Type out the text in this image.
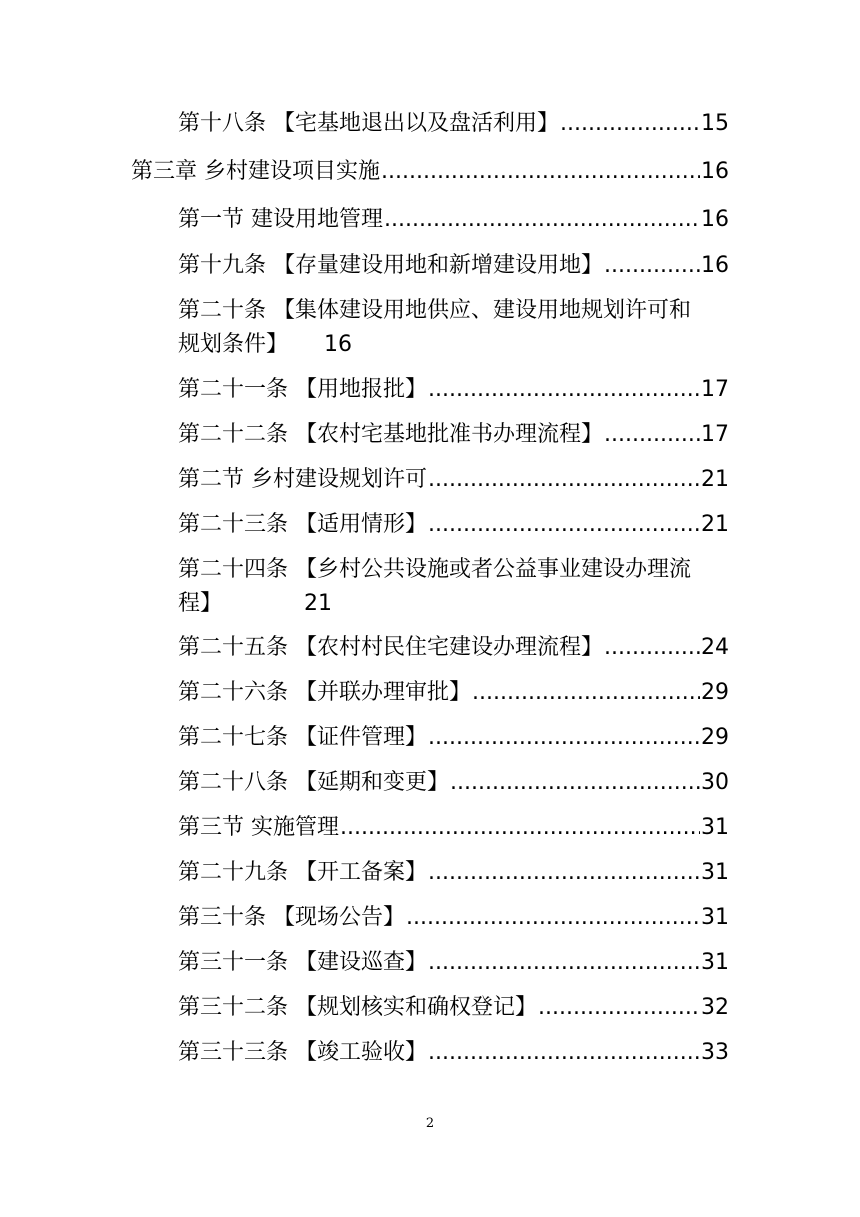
第十八条 【宅基地退出以及盘活利用】 .....	15
第三章 乡村建设项目实施 .....	16
第一节 建设用地管理 .....	16
第十九条 【存量建设用地和新增建设用地】 .....	16
第二十条 【集体建设用地供应、建设用地规划许可和
规划条件】 16
第二十一条 【用地报批】 .....	17
第二十二条 【农村宅基地批准书办理流程】 .....	17
第二节 乡村建设规划许可 .....	21
第二十三条 【适用情形】 .....	21
第二十四条 【乡村公共设施或者公益事业建设办理流
程】	21
第二十五条 【农村村民住宅建设办理流程】 .....	24
第二十六条 【并联办理审批】 .....	29
第二十七条 【证件管理】 .....	29
第二十八条 【延期和变更】 .....	30
第三节 实施管理 .....	31
第二十九条 【开工备案】 .....	31
第三十条 【现场公告】 .....	31
第三十一条 【建设巡查】 .....	31
第三十二条 【规划核实和确权登记】 .....	32
第三十三条 【竣工验收】 .....	33
2
